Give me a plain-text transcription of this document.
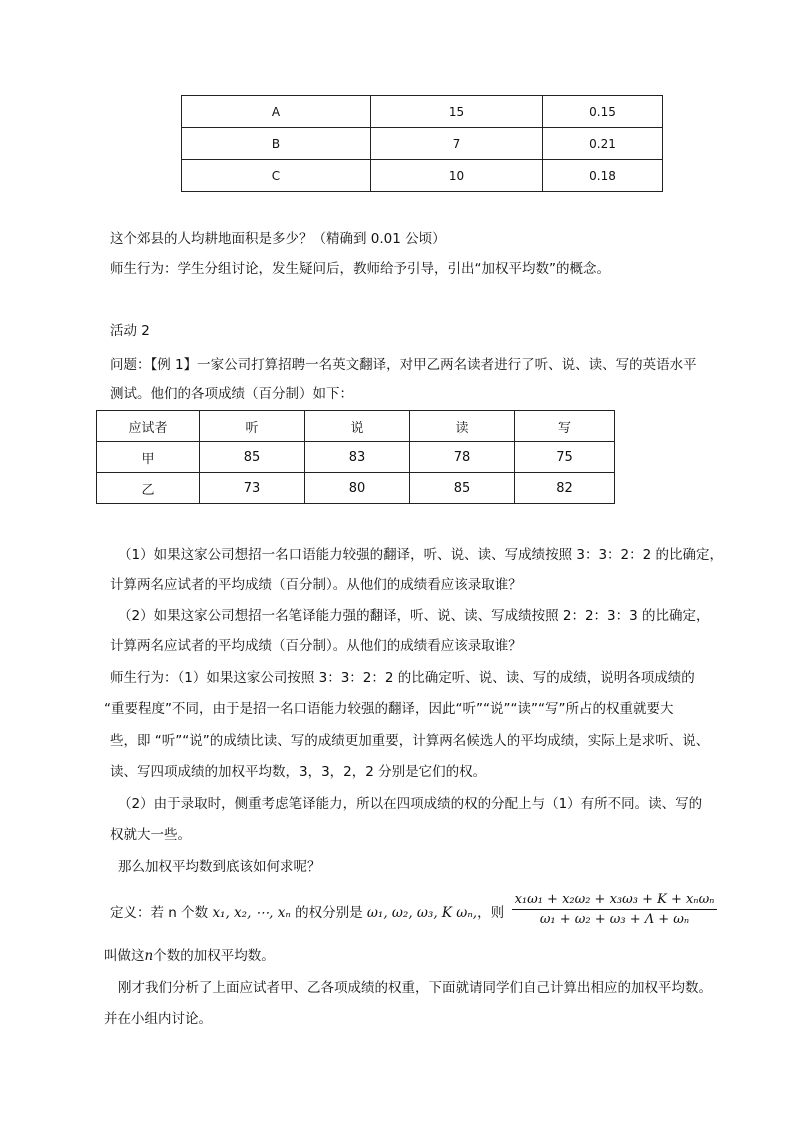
A	15	0.15
B	7	0.21
C	10	0.18

这个郊县的人均耕地面积是多少？（精确到 0.01 公顷）

师生行为：学生分组讨论，发生疑问后，教师给予引导，引出“加权平均数”的概念。

活动 2

问题：【例 1】一家公司打算招聘一名英文翻译，对甲乙两名读者进行了听、说、读、写的英语水平

测试。他们的各项成绩（百分制）如下：

应试者	听	说	读	写
甲	85	83	78	75
乙	73	80	85	82

（1）如果这家公司想招一名口语能力较强的翻译，听、说、读、写成绩按照 3：3：2：2 的比确定，

计算两名应试者的平均成绩（百分制）。从他们的成绩看应该录取谁？

（2）如果这家公司想招一名笔译能力强的翻译，听、说、读、写成绩按照 2：2：3：3 的比确定，

计算两名应试者的平均成绩（百分制）。从他们的成绩看应该录取谁？

师生行为：（1）如果这家公司按照 3：3：2：2 的比确定听、说、读、写的成绩，说明各项成绩的

“重要程度”不同，由于是招一名口语能力较强的翻译，因此“听”“说”“读”“写”所占的权重就要大

些，即 “听”“说”的成绩比读、写的成绩更加重要，计算两名候选人的平均成绩，实际上是求听、说、

读、写四项成绩的加权平均数，3，3，2，2 分别是它们的权。

（2）由于录取时，侧重考虑笔译能力，所以在四项成绩的权的分配上与（1）有所不同。读、写的

权就大一些。

那么加权平均数到底该如何求呢？

定义：若 n 个数 x₁, x₂, ⋯, xₙ 的权分别是 ω₁, ω₂, ω₃, K ωₙ,，则
x₁ω₁ + x₂ω₂ + x₃ω₃ + K + xₙωₙ
ω₁ + ω₂ + ω₃ + Λ + ωₙ

叫做这n个数的加权平均数。

刚才我们分析了上面应试者甲、乙各项成绩的权重，下面就请同学们自己计算出相应的加权平均数。

并在小组内讨论。
